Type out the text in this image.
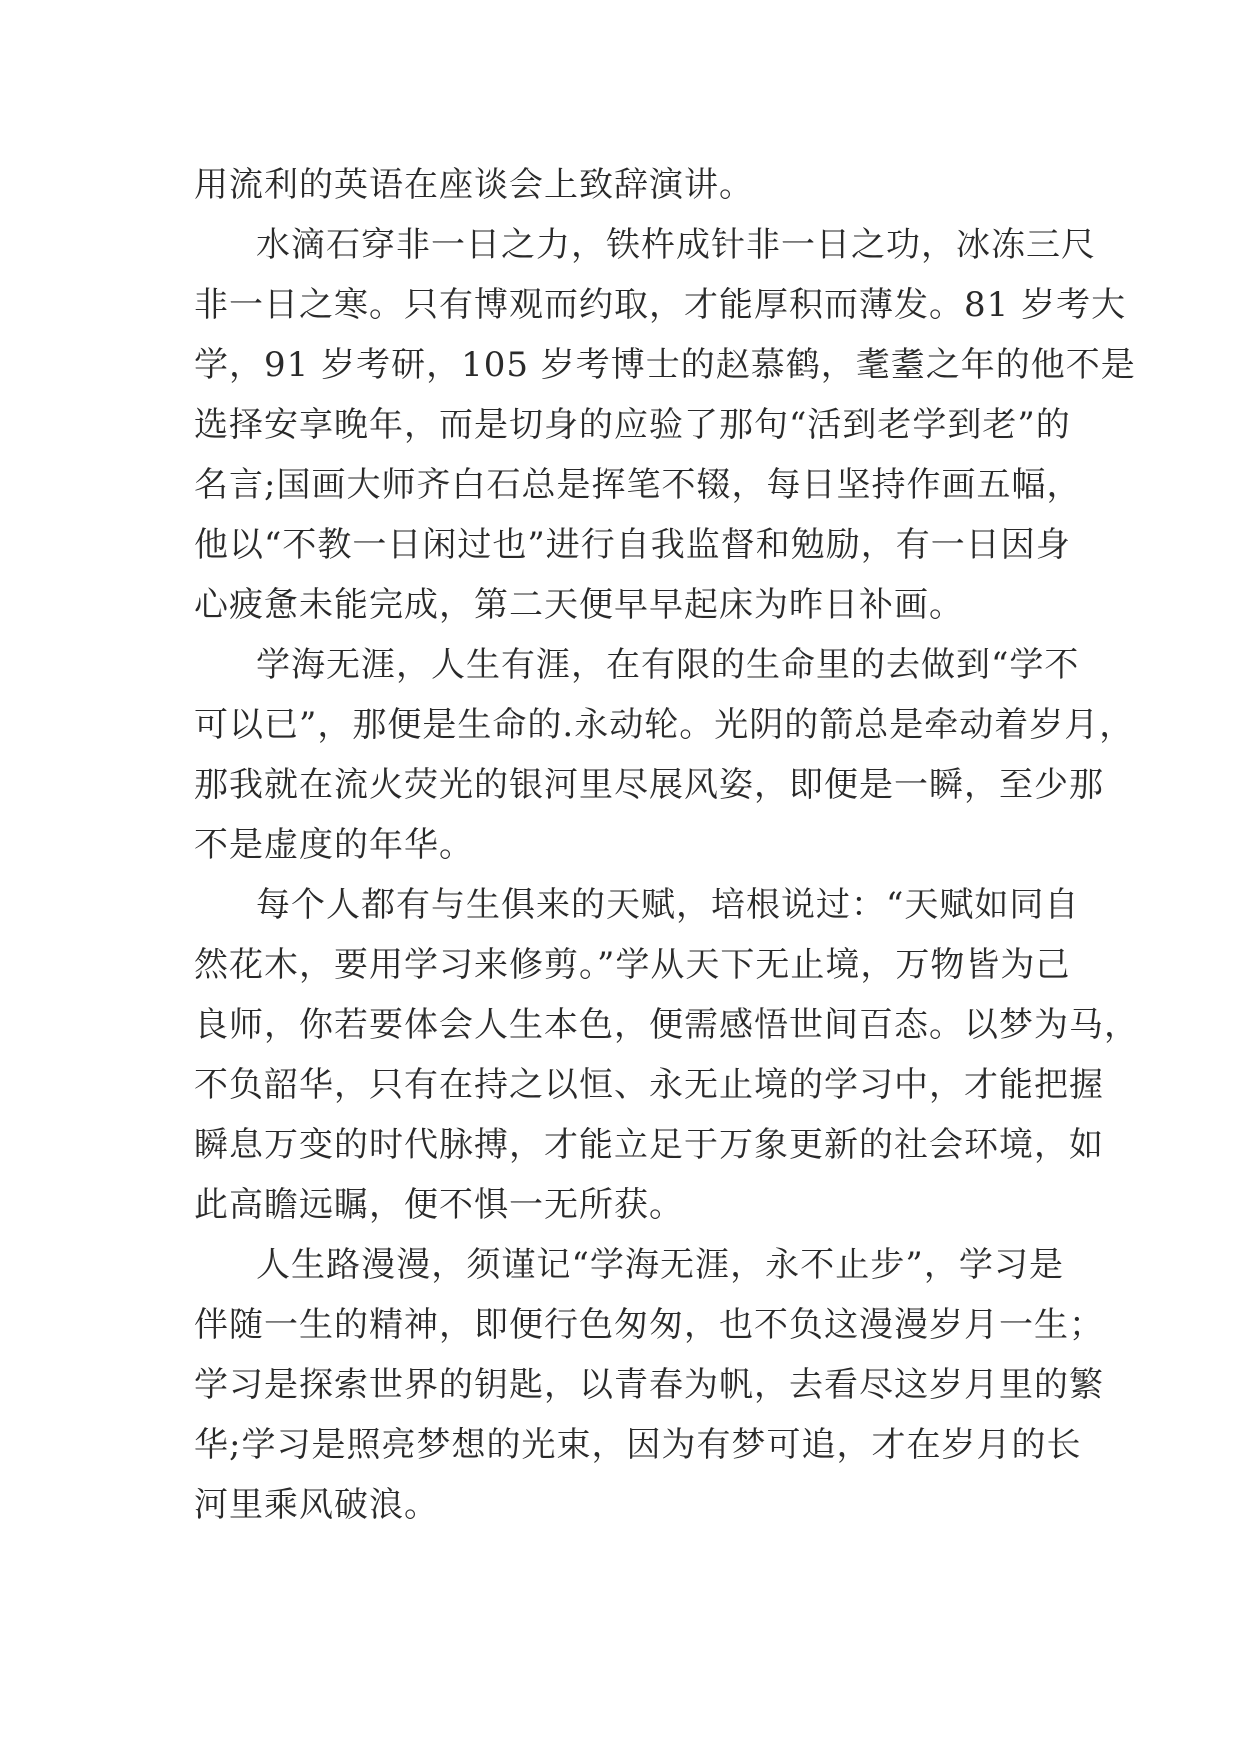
用流利的英语在座谈会上致辞演讲。
水滴石穿非一日之力，铁杵成针非一日之功，冰冻三尺
非一日之寒。只有博观而约取，才能厚积而薄发。81 岁考大
学，91 岁考研，105 岁考博士的赵慕鹤，耄耋之年的他不是
选择安享晚年，而是切身的应验了那句“活到老学到老”的
名言;国画大师齐白石总是挥笔不辍，每日坚持作画五幅，
他以“不教一日闲过也”进行自我监督和勉励，有一日因身
心疲惫未能完成，第二天便早早起床为昨日补画。
学海无涯，人生有涯，在有限的生命里的去做到“学不
可以已”，那便是生命的.永动轮。光阴的箭总是牵动着岁月，
那我就在流火荧光的银河里尽展风姿，即便是一瞬，至少那
不是虚度的年华。
每个人都有与生俱来的天赋，培根说过：“天赋如同自
然花木，要用学习来修剪。”学从天下无止境，万物皆为己
良师，你若要体会人生本色，便需感悟世间百态。以梦为马，
不负韶华，只有在持之以恒、永无止境的学习中，才能把握
瞬息万变的时代脉搏，才能立足于万象更新的社会环境，如
此高瞻远瞩，便不惧一无所获。
人生路漫漫，须谨记“学海无涯，永不止步”，学习是
伴随一生的精神，即便行色匆匆，也不负这漫漫岁月一生；
学习是探索世界的钥匙，以青春为帆，去看尽这岁月里的繁
华;学习是照亮梦想的光束，因为有梦可追，才在岁月的长
河里乘风破浪。
